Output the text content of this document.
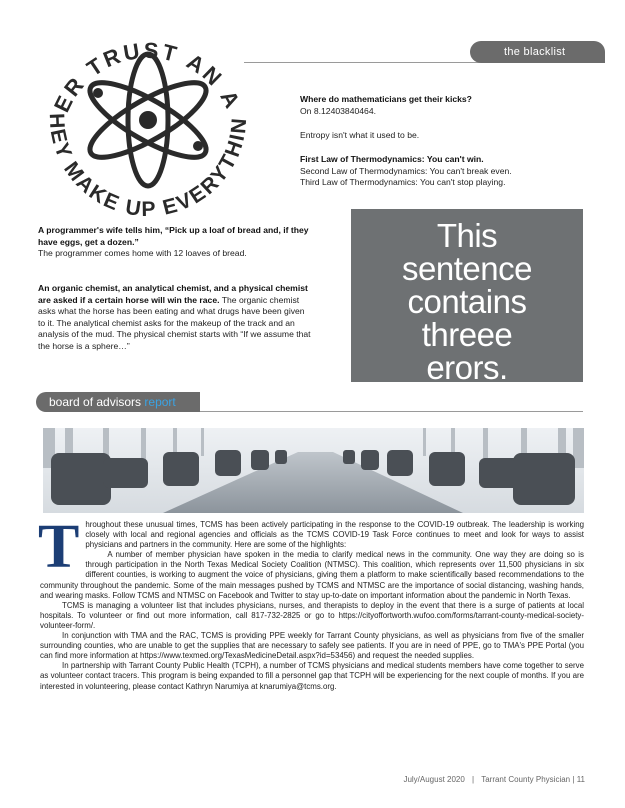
ER TRUST AN A
HEY MAKE UP EVERYTHIN
the blacklist
Where do mathematicians get their kicks?
On 8.12403840464.
Entropy isn't what it used to be.
First Law of Thermodynamics: You can't win.
Second Law of Thermodynamics: You can't break even.
Third Law of Thermodynamics: You can't stop playing.
A programmer's wife tells him, “Pick up a loaf of bread and, if they have eggs, get a dozen.”
The programmer comes home with 12 loaves of bread.
An organic chemist, an analytical chemist, and a physical chemist are asked if a certain horse will win the race. The organic chemist asks what the horse has been eating and what drugs have been given to it. The analytical chemist asks for the makeup of the track and an analysis of the mud. The physical chemist starts with “If we assume that the horse is a sphere…”
This
sentence
contains
threee
erors.
board of advisors report
T hroughout these unusual times, TCMS has been actively participating in the response to the COVID-19 outbreak. The leadership is working closely with local and regional agencies and officials as the TCMS COVID-19 Task Force continues to meet and look for ways to assist physicians and partners in the community. Here are some of the highlights:

A number of member physician have spoken in the media to clarify medical news in the community. One way they are doing so is through participation in the North Texas Medical Society Coalition (NTMSC). This coalition, which represents over 11,500 physicians in six different counties, is working to augment the voice of physicians, giving them a platform to make scientifically based recommendations to the community throughout the pandemic. Some of the main messages pushed by TCMS and NTMSC are the importance of social distancing, washing hands, and wearing masks. Follow TCMS and NTMSC on Facebook and Twitter to stay up-to-date on important information about the pandemic in North Texas.

TCMS is managing a volunteer list that includes physicians, nurses, and therapists to deploy in the event that there is a surge of patients at local hospitals. To volunteer or find out more information, call 817-732-2825 or go to https://cityoffortworth.wufoo.com/forms/tarrant-county-medical-society-volunteer-form/.

In conjunction with TMA and the RAC, TCMS is providing PPE weekly for Tarrant County physicians, as well as physicians from five of the smaller surrounding counties, who are unable to get the supplies that are necessary to safely see patients. If you are in need of PPE, go to TMA's PPE Portal (you can find more information at https://www.texmed.org/TexasMedicineDetail.aspx?id=53456) and request the needed supplies.

In partnership with Tarrant County Public Health (TCPH), a number of TCMS physicians and medical students members have come together to serve as volunteer contact tracers. This program is being expanded to fill a personnel gap that TCPH will be experiencing for the next couple of months. If you are interested in volunteering, please contact Kathryn Narumiya at knarumiya@tcms.org.

July/August 2020 | Tarrant County Physician | 11
